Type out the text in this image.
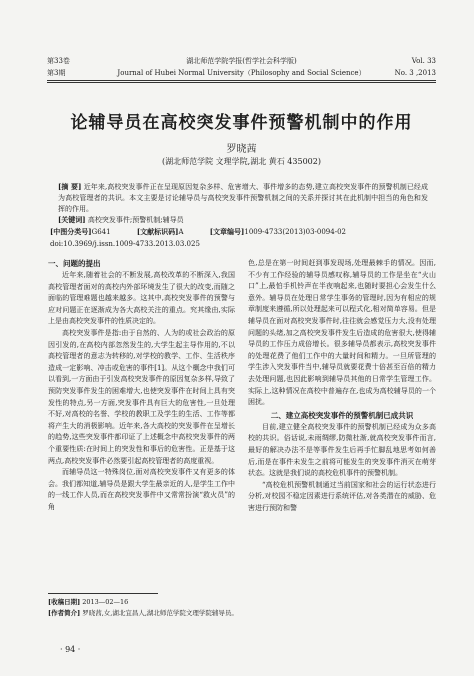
第33卷	湖北师范学院学报(哲学社会科学版)	Vol. 33
第3期	Journal of Hubei Normal University（Philosophy and Social Science）	No. 3 ,2013
论辅导员在高校突发事件预警机制中的作用
罗晓茜
(湖北师范学院 文理学院,湖北 黄石 435002)
[摘 要] 近年来,高校突发事件正在呈现原因复杂多样、危害增大、事件增多的态势,建立高校突发事件的预警机制已经成为高校管理者的共识。本文主要是讨论辅导员与高校突发事件预警机制之间的关系并探讨其在此机制中担当的角色和发挥的作用。
[关键词] 高校突发事件;预警机制;辅导员
[中图分类号]G641	[文献标识码]A	[文章编号]1009-4733(2013)03-0094-02
doi:10.3969/j.issn.1009-4733.2013.03.025
一、问题的提出

近年来,随着社会的不断发展,高校改革的不断深入,我国高校管理者面对的高校内外部环境发生了很大的改变,而随之面临的管理难题也越来越多。这其中,高校突发事件的预警与应对问题正在逐渐成为各大高校关注的重点。究其缘由,实际上是由高校突发事件的性质决定的。

高校突发事件是指:由于自然的、人为的或社会政治的原因引发的,在高校内部忽然发生的,大学生起主导作用的,不以高校管理者的意志为转移的,对学校的教学、工作、生活秩序造成一定影响、冲击或危害的事件[1]。从这个概念中我们可以看到,一方面由于引发高校突发事件的原因复杂多样,导致了预防突发事件发生的困难增大,也使突发事件在时间上具有突发性的特点,另一方面,突发事件具有巨大的危害性,一旦处理不好,对高校的名誉、学校的教职工及学生的生活、工作等都将产生大的消极影响。近年来,各大高校的突发事件在呈增长的趋势,这些突发事件都印证了上述概念中高校突发事件的两个重要性质:在时间上的突发性和事后的危害性。正是基于这两点,高校突发事件必然要引起高校管理者的高度重视。

而辅导员这一特殊岗位,面对高校突发事件又有更多的体会。我们都知道,辅导员是跟大学生最亲近的人,是学生工作中的一线工作人员,而在高校突发事件中又常常扮演“救火员”的角

色,总是在第一时间赶到事发现场,处理最棘手的情况。因而,不少有工作经验的辅导员感叹称,辅导员的工作是坐在“火山口”上,最怕手机铃声在半夜响起来,也随时要担心会发生什么意外。辅导员在处理日常学生事务的管理时,因为有相应的规章制度来遵循,所以处理起来可以程式化,相对简单容易。但是辅导员在面对高校突发事件时,往往就会感觉压力大,没有处理问题的头绪,加之高校突发事件发生后造成的危害很大,使得辅导员的工作压力成倍增长。很多辅导员都表示,高校突发事件的处理花费了他们工作中的大量时间和精力。一旦所管理的学生涉入突发事件当中,辅导员就要花费十倍甚至百倍的精力去处理问题,也因此影响到辅导员其他的日常学生管理工作。实际上,这种情况在高校中普遍存在,也成为高校辅导员的一个困扰。

二、建立高校突发事件的预警机制已成共识

目前,建立健全高校突发事件的预警机制已经成为众多高校的共识。俗话说,未雨绸缪,防微杜渐,就高校突发事件而言,最好的解决办法不是等事件发生后再手忙脚乱地思考如何善后,而是在事件未发生之前将可能发生的突发事件消灭在萌芽状态。这就是我们说的高校危机事件的预警机制。

“高校危机预警机制通过当前国家和社会的运行状态进行分析,对校园不稳定因素进行系统评估,对各类潜在的威胁、危害进行预防和警

[收稿日期] 2013—02—16
[作者简介] 罗晓茜,女,湖北宜昌人,湖北师范学院文理学院辅导员。
· 94 ·
